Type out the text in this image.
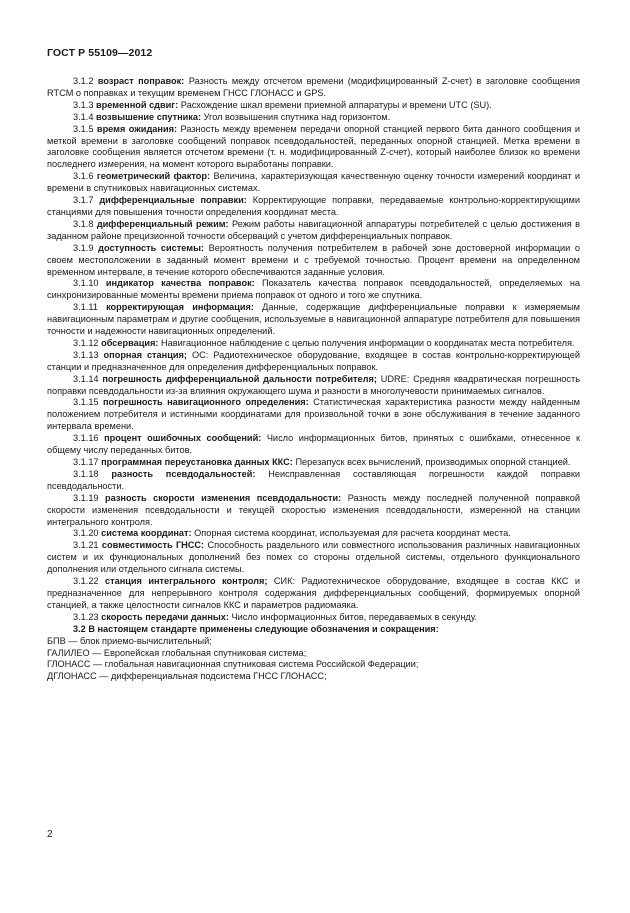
ГОСТ Р 55109—2012

3.1.2 возраст поправок: Разность между отсчетом времени (модифицированный Z-счет) в заголовке сообщения RTCM о поправках и текущим временем ГНСС ГЛОНАСС и GPS.

3.1.3 временной сдвиг: Расхождение шкал времени приемной аппаратуры и времени UTC (SU).

3.1.4 возвышение спутника: Угол возвышения спутника над горизонтом.

3.1.5 время ожидания: Разность между временем передачи опорной станцией первого бита данного сообщения и меткой времени в заголовке сообщений поправок псевдодальностей, переданных опорной станцией. Метка времени в заголовке сообщения является отсчетом времени (т. н. модифицированный Z-счет), который наиболее близок ко времени последнего измерения, на момент которого выработаны поправки.

3.1.6 геометрический фактор: Величина, характеризующая качественную оценку точности измерений координат и времени в спутниковых навигационных системах.

3.1.7 дифференциальные поправки: Корректирующие поправки, передаваемые контрольно-корректирующими станциями для повышения точности определения координат места.

3.1.8 дифференциальный режим: Режим работы навигационной аппаратуры потребителей с целью достижения в заданном районе прецизионной точности обсерваций с учетом дифференциальных поправок.

3.1.9 доступность системы: Вероятность получения потребителем в рабочей зоне достоверной информации о своем местоположении в заданный момент времени и с требуемой точностью. Процент времени на определенном временном интервале, в течение которого обеспечиваются заданные условия.

3.1.10 индикатор качества поправок: Показатель качества поправок псевдодальностей, определяемых на синхронизированные моменты времени приема поправок от одного и того же спутника.

3.1.11 корректирующая информация: Данные, содержащие дифференциальные поправки к измеряемым навигационным параметрам и другие сообщения, используемые в навигационной аппаратуре потребителя для повышения точности и надежности навигационных определений.

3.1.12 обсервация: Навигационное наблюдение с целью получения информации о координатах места потребителя.

3.1.13 опорная станция; ОС: Радиотехническое оборудование, входящее в состав контрольно-корректирующей станции и предназначенное для определения дифференциальных поправок.

3.1.14 погрешность дифференциальной дальности потребителя; UDRE: Средняя квадратическая погрешность поправки псевдодальности из-за влияния окружающего шума и разности в многолучевости принимаемых сигналов.

3.1.15 погрешность навигационного определения: Статистическая характеристика разности между найденным положением потребителя и истинными координатами для произвольной точки в зоне обслуживания в течение заданного интервала времени.

3.1.16 процент ошибочных сообщений: Число информационных битов, принятых с ошибками, отнесенное к общему числу переданных битов.

3.1.17 программная переустановка данных ККС: Перезапуск всех вычислений, производимых опорной станцией.

3.1.18 разность псевдодальностей: Неисправленная составляющая погрешности каждой поправки псевдодальности.

3.1.19 разность скорости изменения псевдодальности: Разность между последней полученной поправкой скорости изменения псевдодальности и текущей скоростью изменения псевдодальности, измеренной на станции интегрального контроля.

3.1.20 система координат: Опорная система координат, используемая для расчета координат места.

3.1.21 совместимость ГНСС: Способность раздельного или совместного использования различных навигационных систем и их функциональных дополнений без помех со стороны отдельной системы, отдельного функционального дополнения или отдельного сигнала системы.

3.1.22 станция интегрального контроля; СИК: Радиотехническое оборудование, входящее в состав ККС и предназначенное для непрерывного контроля содержания дифференциальных сообщений, формируемых опорной станцией, а также целостности сигналов ККС и параметров радиомаяка.

3.1.23 скорость передачи данных: Число информационных битов, передаваемых в секунду.

3.2 В настоящем стандарте применены следующие обозначения и сокращения:

БПВ — блок приемо-вычислительный;

ГАЛИЛЕО — Европейская глобальная спутниковая система;

ГЛОНАСС — глобальная навигационная спутниковая система Российской Федерации;

ДГЛОНАСС — дифференциальная подсистема ГНСС ГЛОНАСС;

2
